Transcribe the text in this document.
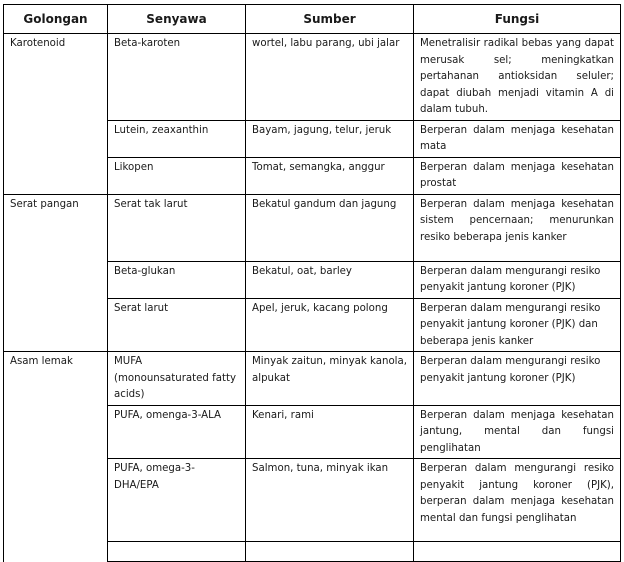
Golongan	Senyawa	Sumber	Fungsi
Karotenoid	Beta-karoten	wortel, labu parang, ubi jalar	Menetralisir radikal bebas yang dapat merusak sel; meningkatkan pertahanan antioksidan seluler; dapat diubah menjadi vitamin A di dalam tubuh.

	Lutein, zeaxanthin	Bayam, jagung, telur, jeruk	Berperan dalam menjaga kesehatan mata

	Likopen	Tomat, semangka, anggur	Berperan dalam menjaga kesehatan prostat

Serat pangan	Serat tak larut	Bekatul gandum dan jagung	Berperan dalam menjaga kesehatan sistem pencernaan; menurunkan resiko beberapa jenis kanker

	Beta-glukan	Bekatul, oat, barley	Berperan dalam mengurangi resiko penyakit jantung koroner (PJK)
	Serat larut	Apel, jeruk, kacang polong	Berperan dalam mengurangi resiko penyakit jantung koroner (PJK) dan beberapa jenis kanker
Asam lemak	MUFA (monounsaturated fatty acids)	Minyak zaitun, minyak kanola, alpukat	Berperan dalam mengurangi resiko penyakit jantung koroner (PJK)
	PUFA, omenga-3-ALA	Kenari, rami	Berperan dalam menjaga kesehatan jantung, mental dan fungsi penglihatan

	PUFA, omega-3-DHA/EPA	Salmon, tuna, minyak ikan	Berperan dalam mengurangi resiko penyakit jantung koroner (PJK), berperan dalam menjaga kesehatan mental dan fungsi penglihatan
